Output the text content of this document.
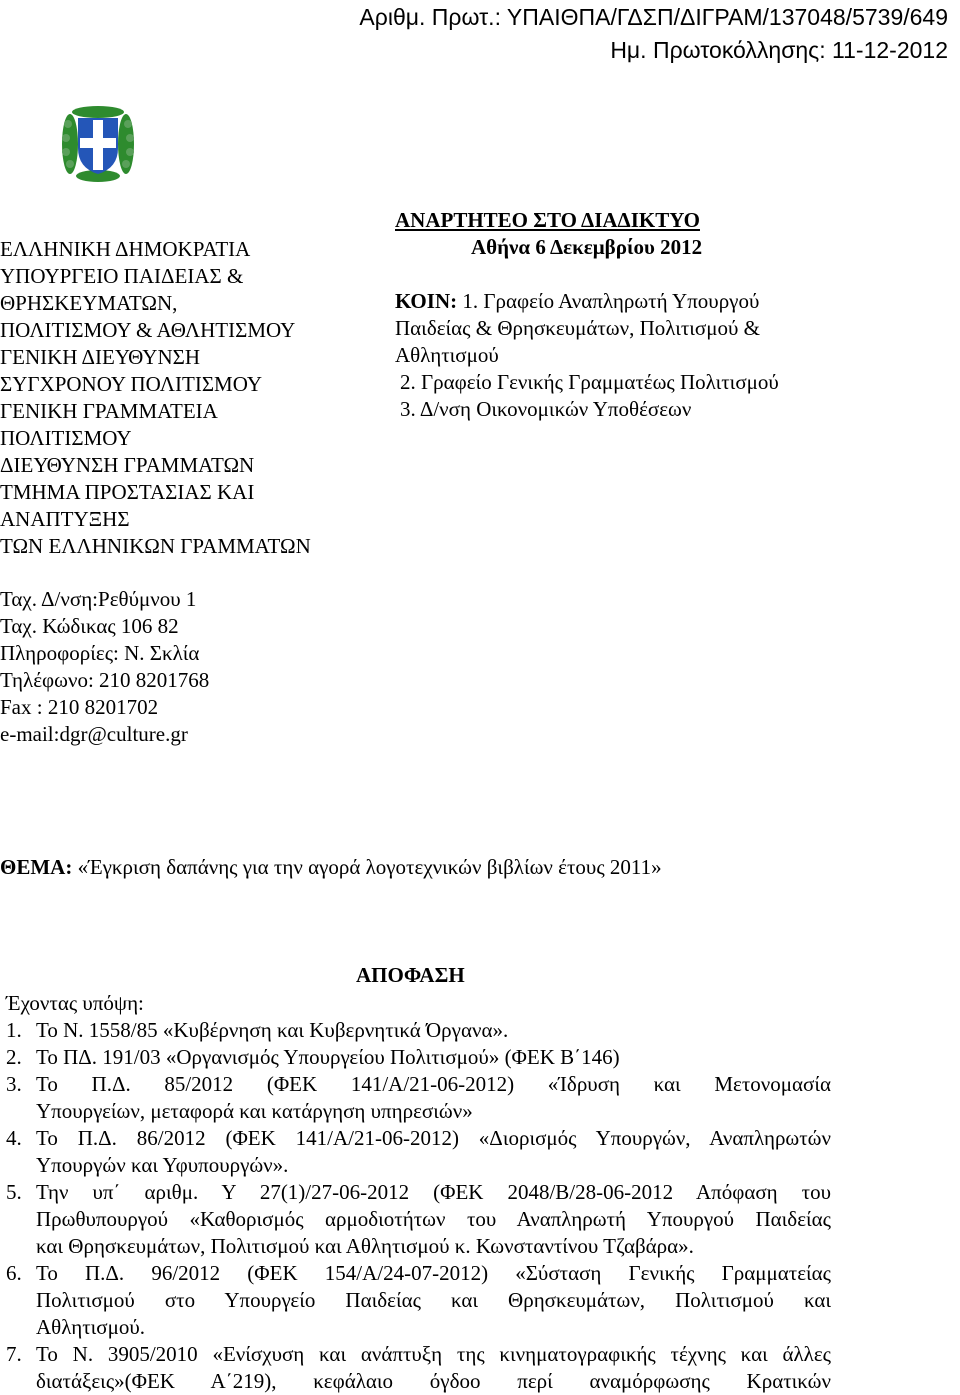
Αριθμ. Πρωτ.: ΥΠΑΙΘΠΑ/ΓΔΣΠ/ΔΙΓΡΑΜ/137048/5739/649
Ημ. Πρωτοκόλλησης: 11-12-2012
ΕΛΛΗΝΙΚΗ ΔΗΜΟΚΡΑΤΙΑ
ΥΠΟΥΡΓΕΙΟ ΠΑΙΔΕΙΑΣ &
ΘΡΗΣΚΕΥΜΑΤΩΝ,
ΠΟΛΙΤΙΣΜΟΥ & ΑΘΛΗΤΙΣΜΟΥ
ΓΕΝΙΚΗ ΔΙΕΥΘΥΝΣΗ
ΣΥΓΧΡΟΝΟΥ ΠΟΛΙΤΙΣΜΟΥ
ΓΕΝΙΚΗ ΓΡΑΜΜΑΤΕΙΑ
ΠΟΛΙΤΙΣΜΟΥ
ΔΙΕΥΘΥΝΣΗ ΓΡΑΜΜΑΤΩΝ
ΤΜΗΜΑ ΠΡΟΣΤΑΣΙΑΣ ΚΑΙ
ΑΝΑΠΤΥΞΗΣ
ΤΩΝ ΕΛΛΗΝΙΚΩΝ ΓΡΑΜΜΑΤΩΝ
ΑΝΑΡΤΗΤΕΟ ΣΤΟ ΔΙΑΔΙΚΤΥΟ
Αθήνα 6 Δεκεμβρίου 2012
ΚΟΙΝ: 1. Γραφείο Αναπληρωτή Υπουργού
Παιδείας & Θρησκευμάτων, Πολιτισμού &
Αθλητισμού
2. Γραφείο Γενικής Γραμματέως Πολιτισμού
3. Δ/νση Οικονομικών Υποθέσεων
Ταχ. Δ/νση:Ρεθύμνου 1
Ταχ. Κώδικας 106 82
Πληροφορίες: Ν. Σκλία
Τηλέφωνο: 210 8201768
Fax : 210 8201702
e-mail:dgr@culture.gr
ΘΕΜΑ: «Έγκριση δαπάνης για την αγορά λογοτεχνικών βιβλίων έτους 2011»
ΑΠΟΦΑΣΗ
Έχοντας υπόψη:
1. Το Ν. 1558/85 «Κυβέρνηση και Κυβερνητικά Όργανα».
2. Το ΠΔ. 191/03 «Οργανισμός Υπουργείου Πολιτισμού» (ΦΕΚ Β΄146)
3. Το Π.Δ. 85/2012 (ΦΕΚ 141/Α/21-06-2012) «Ίδρυση και Μετονομασία
Υπουργείων, μεταφορά και κατάργηση υπηρεσιών»
4. Το Π.Δ. 86/2012 (ΦΕΚ 141/Α/21-06-2012) «Διορισμός Υπουργών, Αναπληρωτών
Υπουργών και Υφυπουργών».
5. Την υπ΄ αριθμ. Υ 27(1)/27-06-2012 (ΦΕΚ 2048/Β/28-06-2012 Απόφαση του
Πρωθυπουργού «Καθορισμός αρμοδιοτήτων του Αναπληρωτή Υπουργού Παιδείας
και Θρησκευμάτων, Πολιτισμού και Αθλητισμού κ. Κωνσταντίνου Τζαβάρα».
6. Το Π.Δ. 96/2012 (ΦΕΚ 154/Α/24-07-2012) «Σύσταση Γενικής Γραμματείας
Πολιτισμού στο Υπουργείο Παιδείας και Θρησκευμάτων, Πολιτισμού και
Αθλητισμού.
7. Το Ν. 3905/2010 «Ενίσχυση και ανάπτυξη της κινηματογραφικής τέχνης και άλλες
διατάξεις»(ΦΕΚ Α΄219), κεφάλαιο όγδοο περί αναμόρφωσης Κρατικών
